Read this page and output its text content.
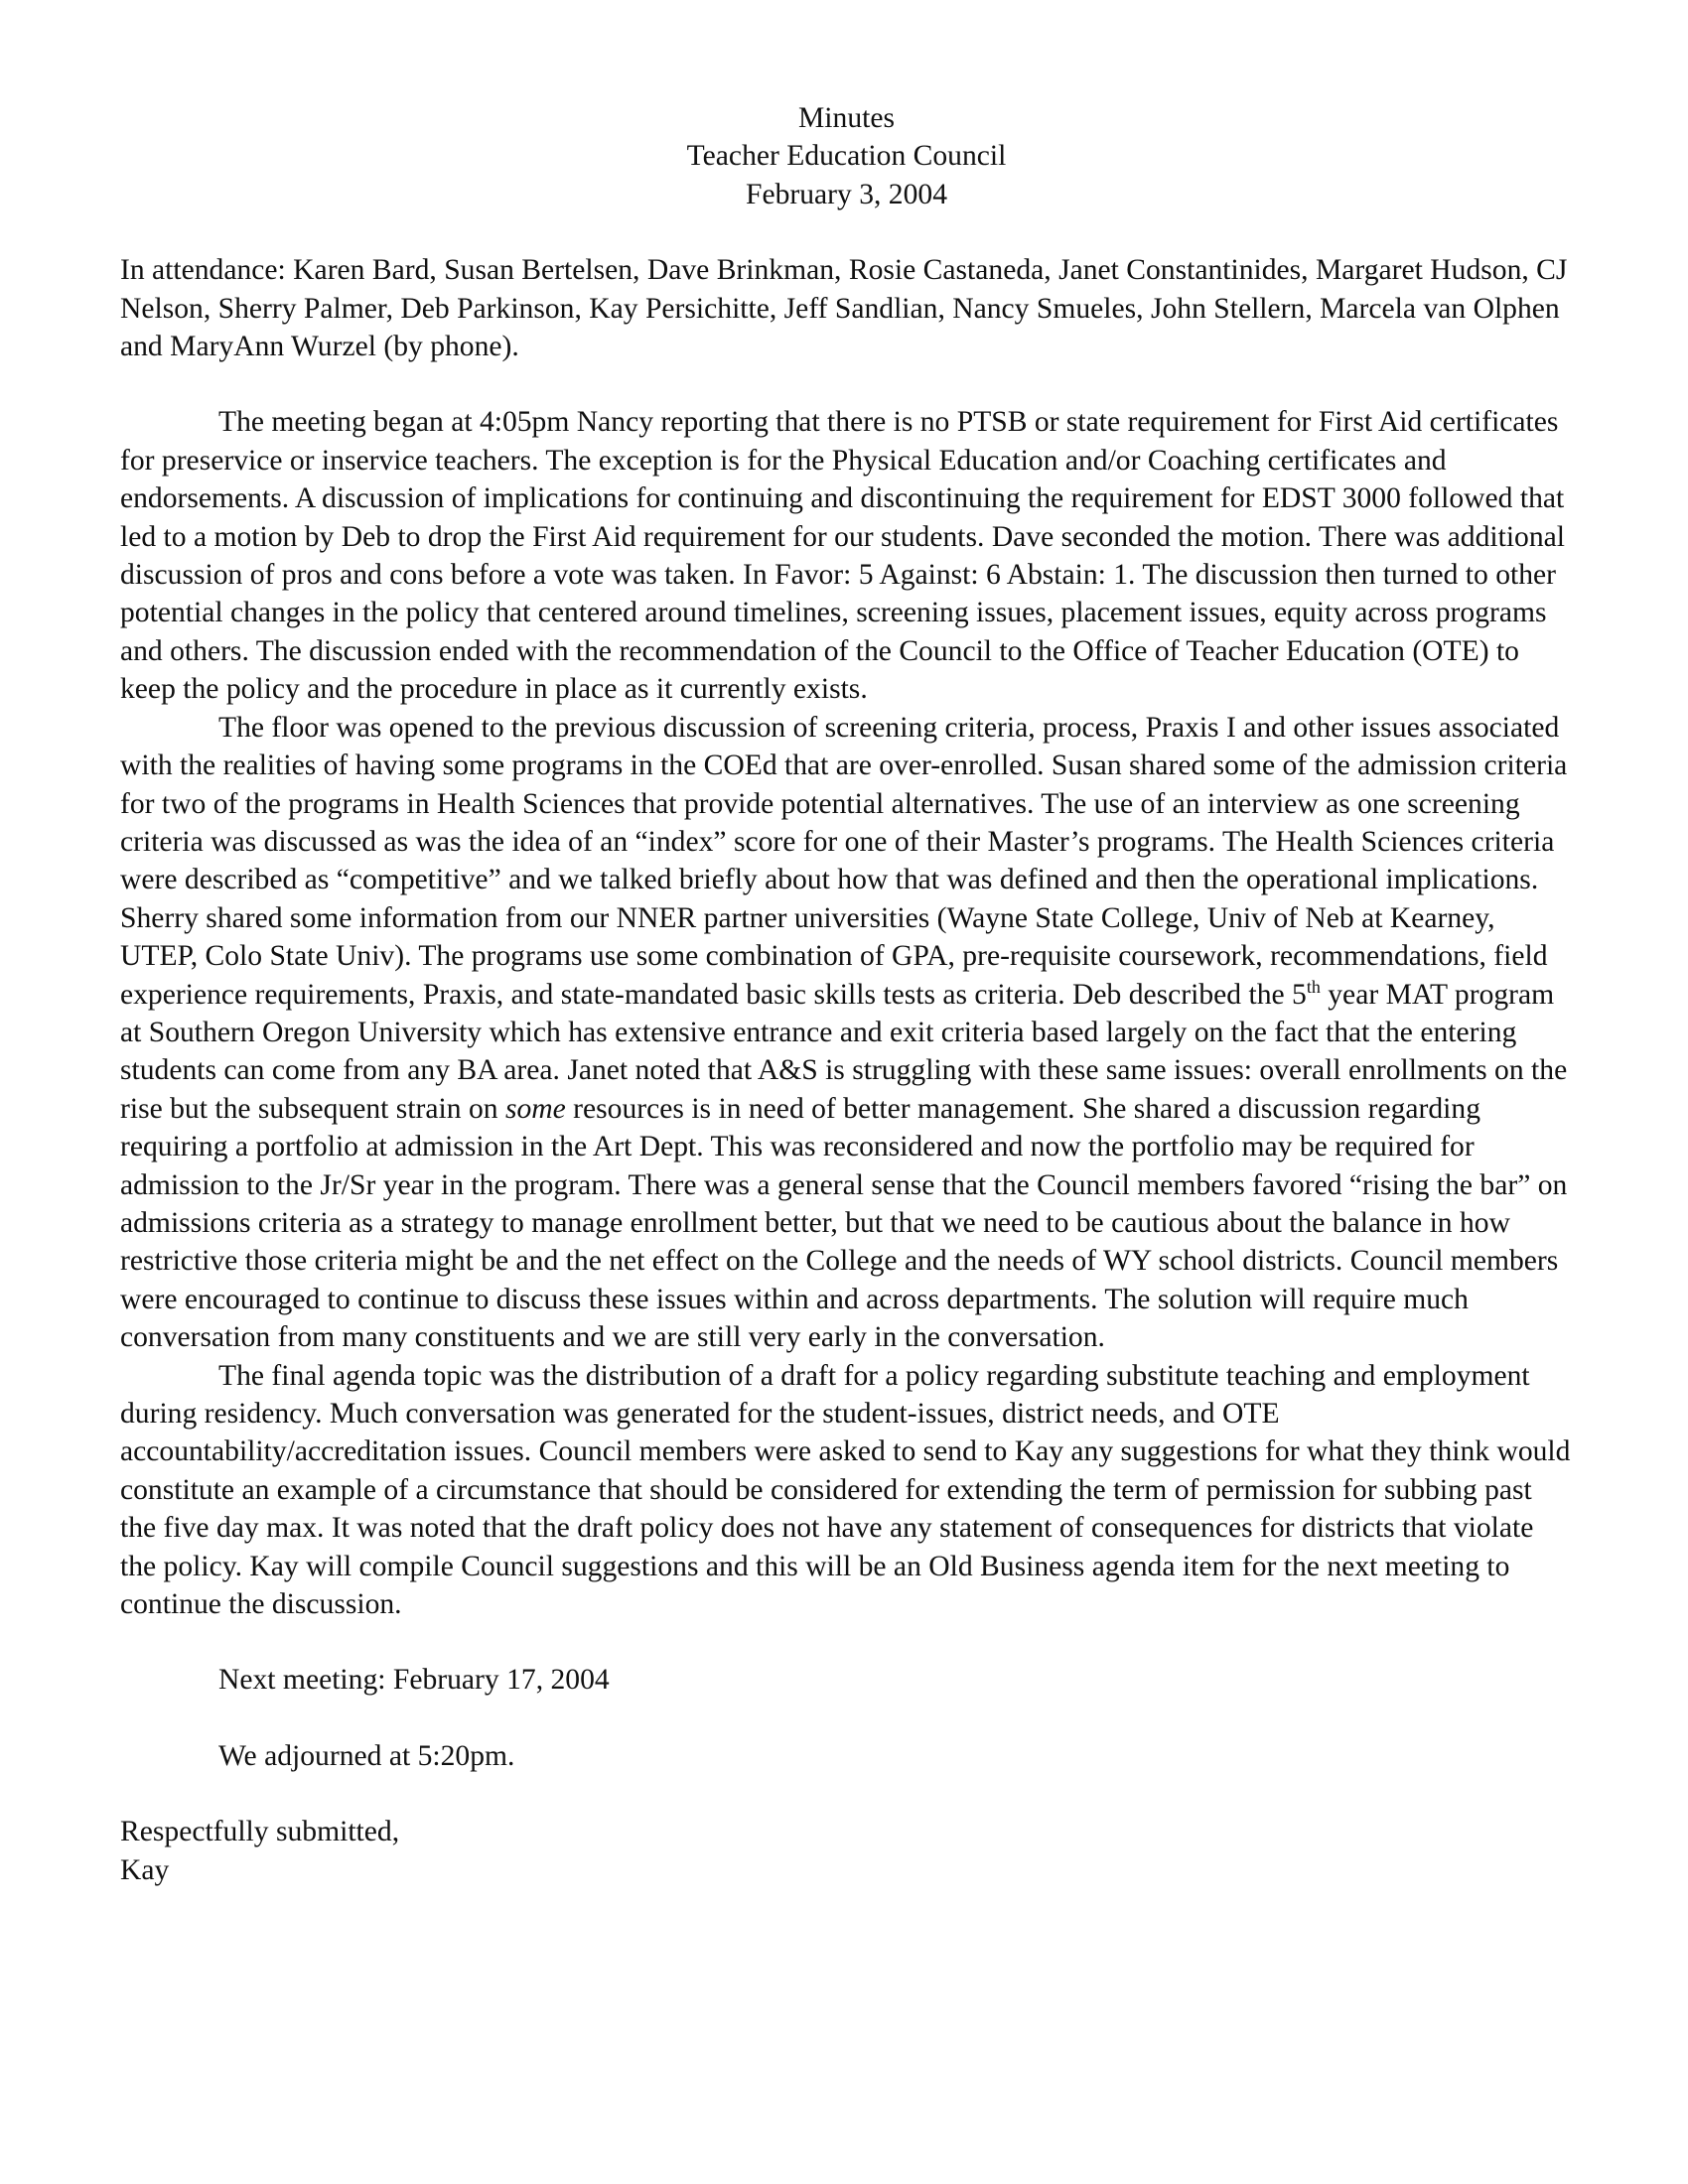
Minutes
Teacher Education Council
February 3, 2004

In attendance: Karen Bard, Susan Bertelsen, Dave Brinkman, Rosie Castaneda, Janet Constantinides, Margaret Hudson, CJ Nelson, Sherry Palmer, Deb Parkinson, Kay Persichitte, Jeff Sandlian, Nancy Smueles, John Stellern, Marcela van Olphen and MaryAnn Wurzel (by phone).

The meeting began at 4:05pm Nancy reporting that there is no PTSB or state requirement for First Aid certificates for preservice or inservice teachers. The exception is for the Physical Education and/or Coaching certificates and endorsements. A discussion of implications for continuing and discontinuing the requirement for EDST 3000 followed that led to a motion by Deb to drop the First Aid requirement for our students. Dave seconded the motion. There was additional discussion of pros and cons before a vote was taken. In Favor: 5 Against: 6 Abstain: 1. The discussion then turned to other potential changes in the policy that centered around timelines, screening issues, placement issues, equity across programs and others. The discussion ended with the recommendation of the Council to the Office of Teacher Education (OTE) to keep the policy and the procedure in place as it currently exists.

The floor was opened to the previous discussion of screening criteria, process, Praxis I and other issues associated with the realities of having some programs in the COEd that are over-enrolled. Susan shared some of the admission criteria for two of the programs in Health Sciences that provide potential alternatives. The use of an interview as one screening criteria was discussed as was the idea of an “index” score for one of their Master’s programs. The Health Sciences criteria were described as “competitive” and we talked briefly about how that was defined and then the operational implications. Sherry shared some information from our NNER partner universities (Wayne State College, Univ of Neb at Kearney, UTEP, Colo State Univ). The programs use some combination of GPA, pre-requisite coursework, recommendations, field experience requirements, Praxis, and state-mandated basic skills tests as criteria. Deb described the 5th year MAT program at Southern Oregon University which has extensive entrance and exit criteria based largely on the fact that the entering students can come from any BA area. Janet noted that A&S is struggling with these same issues: overall enrollments on the rise but the subsequent strain on some resources is in need of better management. She shared a discussion regarding requiring a portfolio at admission in the Art Dept. This was reconsidered and now the portfolio may be required for admission to the Jr/Sr year in the program. There was a general sense that the Council members favored “rising the bar” on admissions criteria as a strategy to manage enrollment better, but that we need to be cautious about the balance in how restrictive those criteria might be and the net effect on the College and the needs of WY school districts. Council members were encouraged to continue to discuss these issues within and across departments. The solution will require much conversation from many constituents and we are still very early in the conversation.

The final agenda topic was the distribution of a draft for a policy regarding substitute teaching and employment during residency. Much conversation was generated for the student-issues, district needs, and OTE accountability/accreditation issues. Council members were asked to send to Kay any suggestions for what they think would constitute an example of a circumstance that should be considered for extending the term of permission for subbing past the five day max. It was noted that the draft policy does not have any statement of consequences for districts that violate the policy. Kay will compile Council suggestions and this will be an Old Business agenda item for the next meeting to continue the discussion.

Next meeting: February 17, 2004

We adjourned at 5:20pm.

Respectfully submitted,

Kay
